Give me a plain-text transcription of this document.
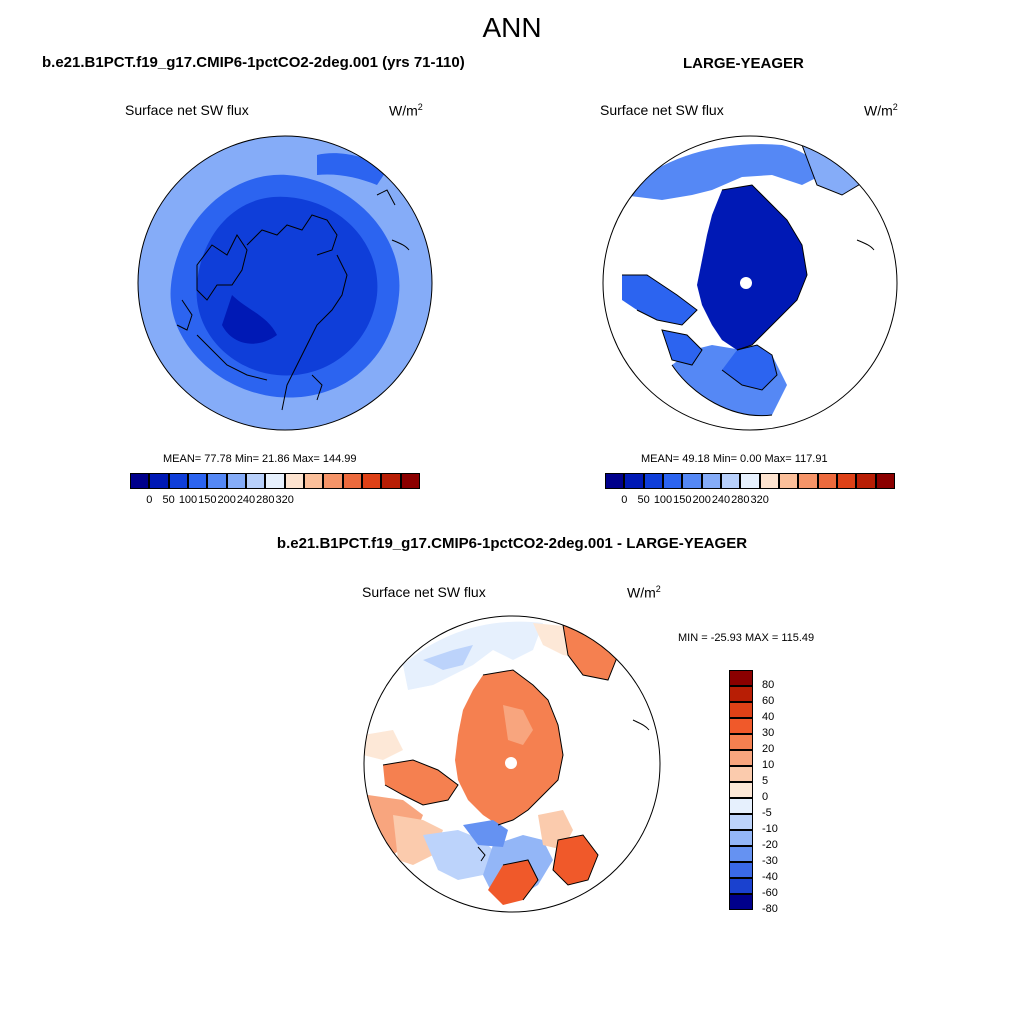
ANN
b.e21.B1PCT.f19_g17.CMIP6-1pctCO2-2deg.001 (yrs 71-110)
Surface net SW flux	$W/m^2$
MEAN= 77.78 Min= 21.86 Max= 144.99
0 50 100 150 200 240 280 320
LARGE-YEAGER
Surface net SW flux	$W/m^2$
MEAN= 49.18 Min= 0.00 Max= 117.91
0 50 100 150 200 240 280 320
b.e21.B1PCT.f19_g17.CMIP6-1pctCO2-2deg.001 - LARGE-YEAGER
Surface net SW flux	$W/m^2$
MIN = -25.93 MAX = 115.49
80
60
40
30
20
10
5
0
-5
-10
-20
-30
-40
-60
-80
